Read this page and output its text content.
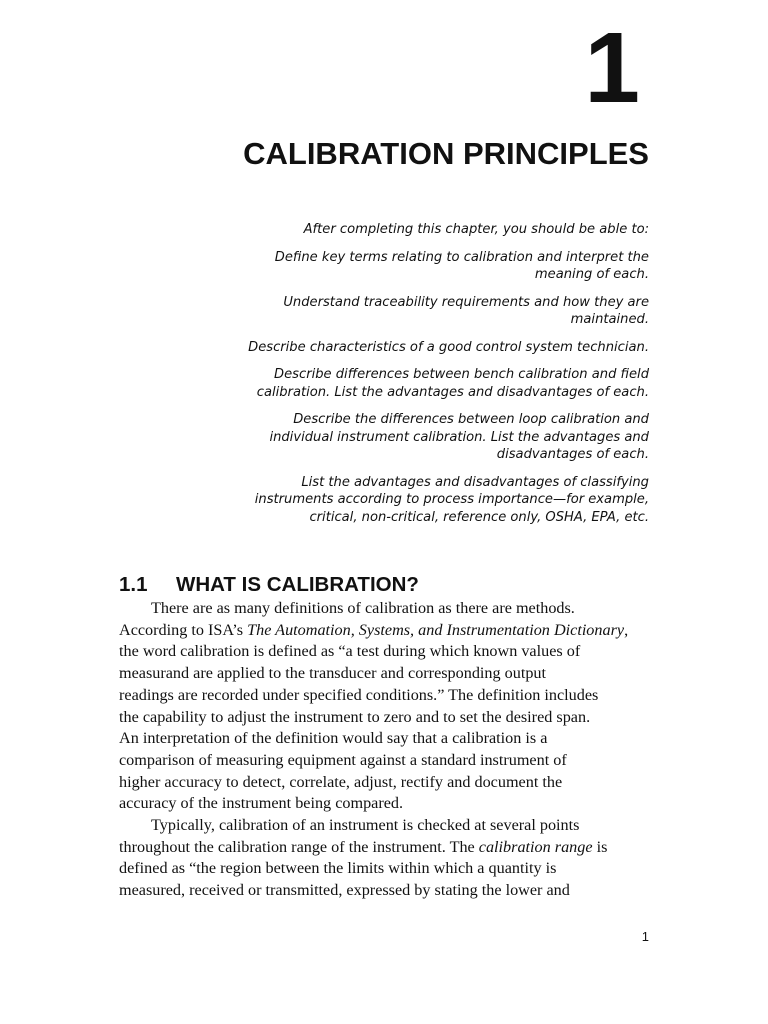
1
CALIBRATION PRINCIPLES

After completing this chapter, you should be able to:

Define key terms relating to calibration and interpret the
meaning of each.

Understand traceability requirements and how they are
maintained.

Describe characteristics of a good control system technician.

Describe differences between bench calibration and field
calibration. List the advantages and disadvantages of each.

Describe the differences between loop calibration and
individual instrument calibration. List the advantages and
disadvantages of each.

List the advantages and disadvantages of classifying
instruments according to process importance—for example,
critical, non-critical, reference only, OSHA, EPA, etc.

1.1 WHAT IS CALIBRATION?
There are as many definitions of calibration as there are methods.
According to ISA’s The Automation, Systems, and Instrumentation Dictionary,
the word calibration is defined as “a test during which known values of
measurand are applied to the transducer and corresponding output
readings are recorded under specified conditions.” The definition includes
the capability to adjust the instrument to zero and to set the desired span.
An interpretation of the definition would say that a calibration is a
comparison of measuring equipment against a standard instrument of
higher accuracy to detect, correlate, adjust, rectify and document the
accuracy of the instrument being compared.
Typically, calibration of an instrument is checked at several points
throughout the calibration range of the instrument. The calibration range is
defined as “the region between the limits within which a quantity is
measured, received or transmitted, expressed by stating the lower and
1
